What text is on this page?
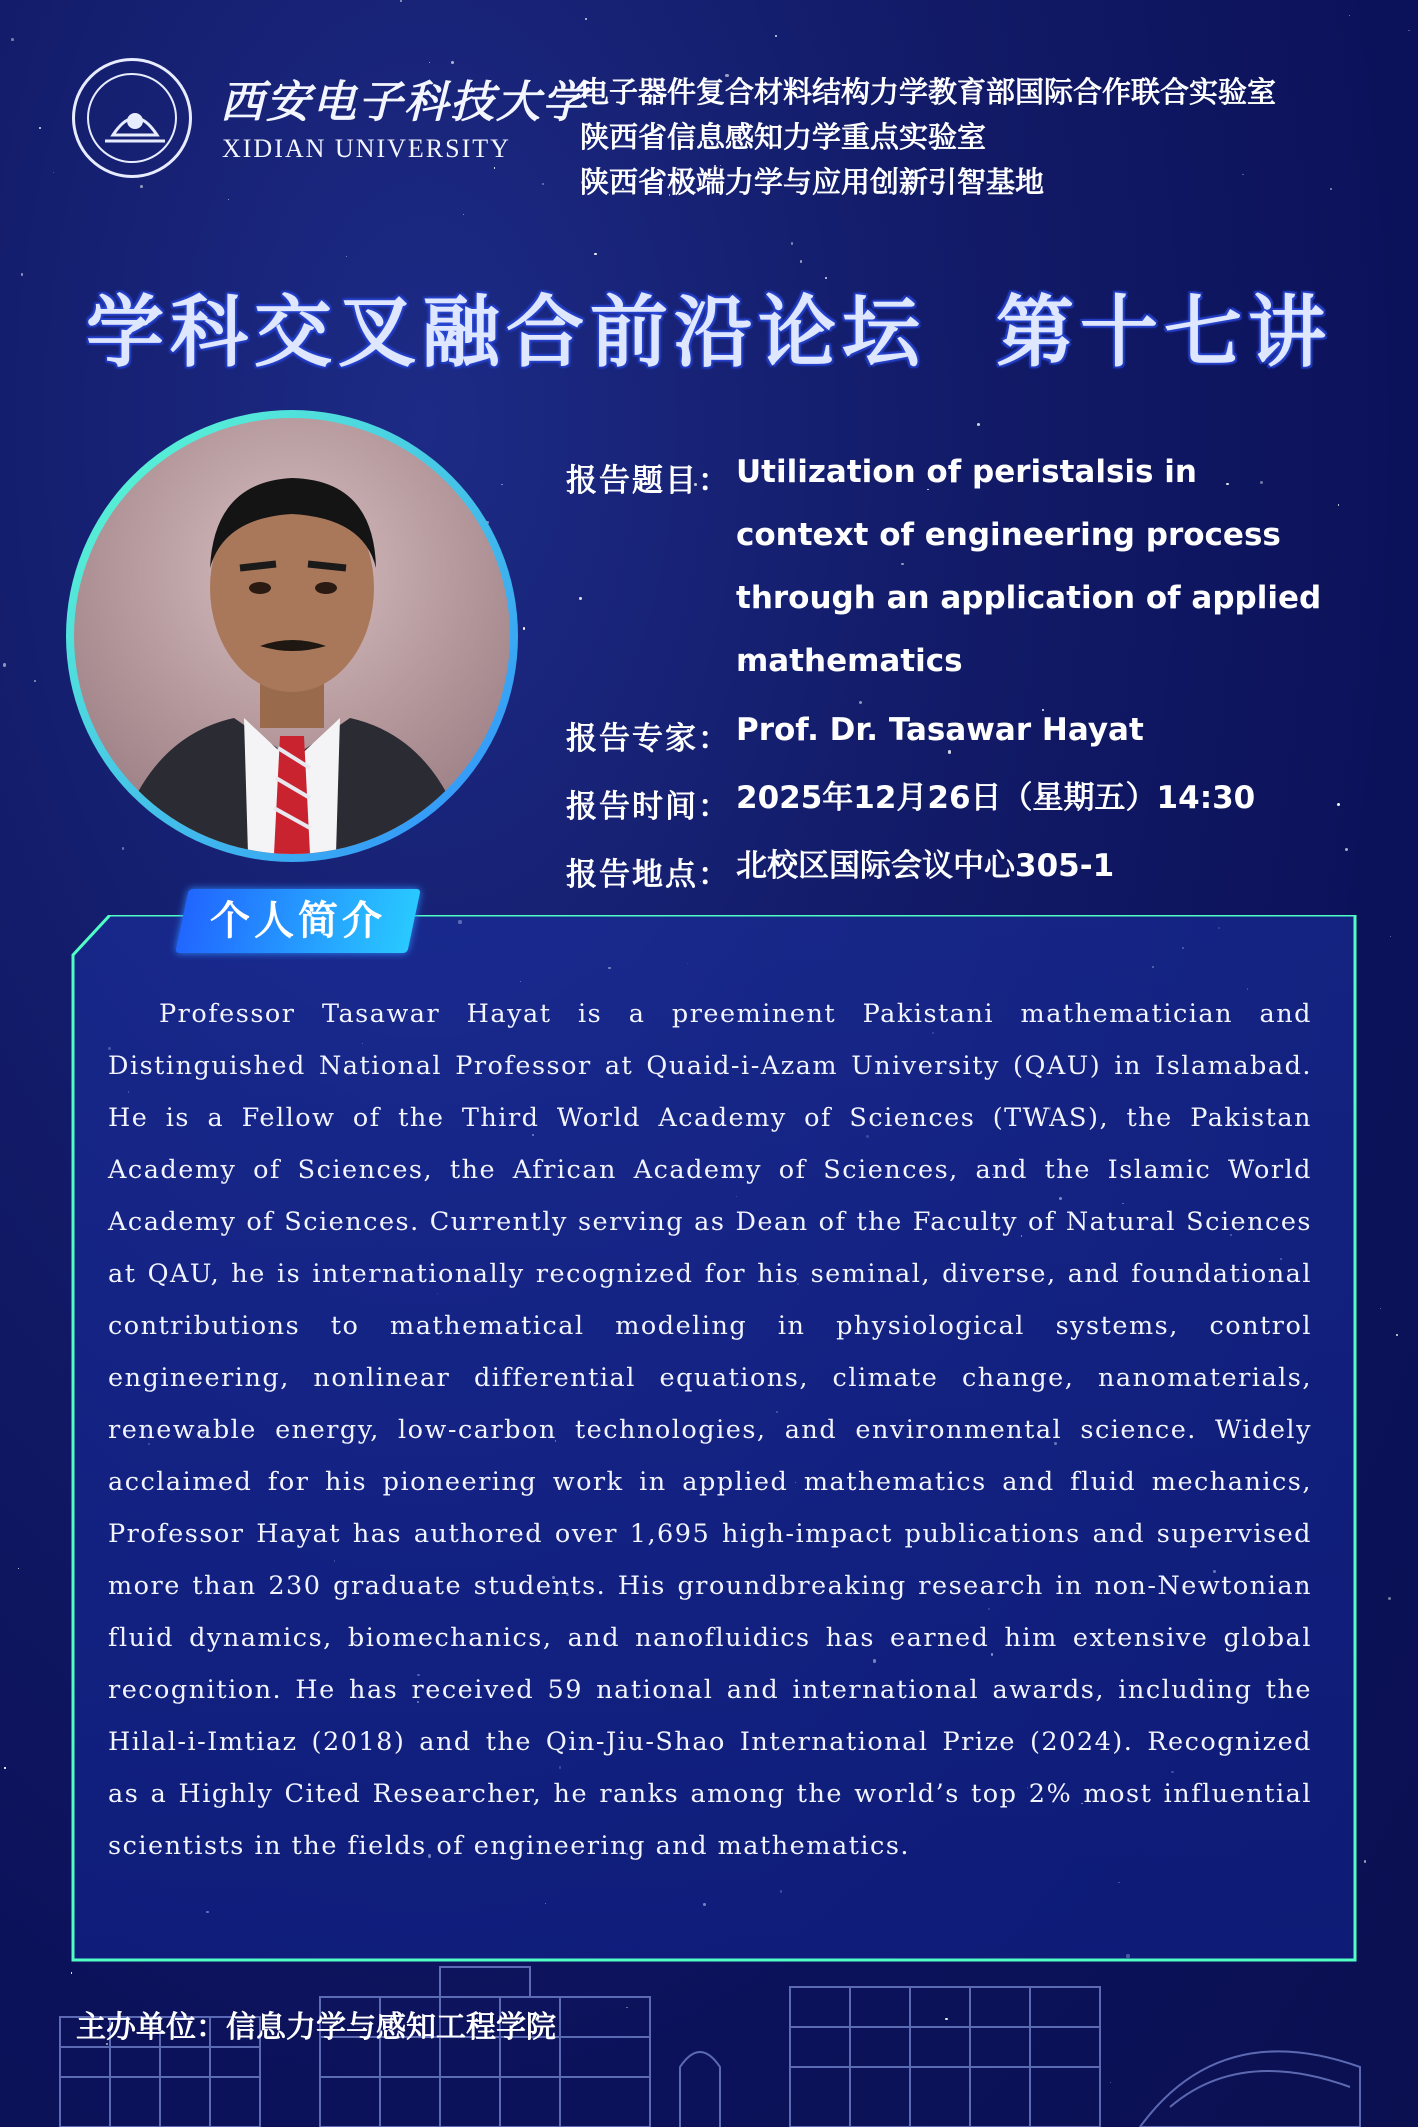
西安电子科技大学
XIDIAN UNIVERSITY
电子器件复合材料结构力学教育部国际合作联合实验室
陕西省信息感知力学重点实验室
陕西省极端力学与应用创新引智基地
学科交叉融合前沿论坛 第十七讲
报告题目： Utilization of peristalsis in context of engineering process through an application of applied mathematics
报告专家： Prof. Dr. Tasawar Hayat
报告时间： 2025年12月26日（星期五）14:30
报告地点： 北校区国际会议中心305-1
个人简介
Professor Tasawar Hayat is a preeminent Pakistani mathematician and Distinguished National Professor at Quaid-i-Azam University (QAU) in Islamabad. He is a Fellow of the Third World Academy of Sciences (TWAS), the Pakistan Academy of Sciences, the African Academy of Sciences, and the Islamic World Academy of Sciences. Currently serving as Dean of the Faculty of Natural Sciences at QAU, he is internationally recognized for his seminal, diverse, and foundational contributions to mathematical modeling in physiological systems, control engineering, nonlinear differential equations, climate change, nanomaterials, renewable energy, low-carbon technologies, and environmental science. Widely acclaimed for his pioneering work in applied mathematics and fluid mechanics, Professor Hayat has authored over 1,695 high-impact publications and supervised more than 230 graduate students. His groundbreaking research in non-Newtonian fluid dynamics, biomechanics, and nanofluidics has earned him extensive global recognition. He has received 59 national and international awards, including the Hilal-i-Imtiaz (2018) and the Qin-Jiu-Shao International Prize (2024). Recognized as a Highly Cited Researcher, he ranks among the world’s top 2% most influential scientists in the fields of engineering and mathematics.
主办单位：信息力学与感知工程学院
